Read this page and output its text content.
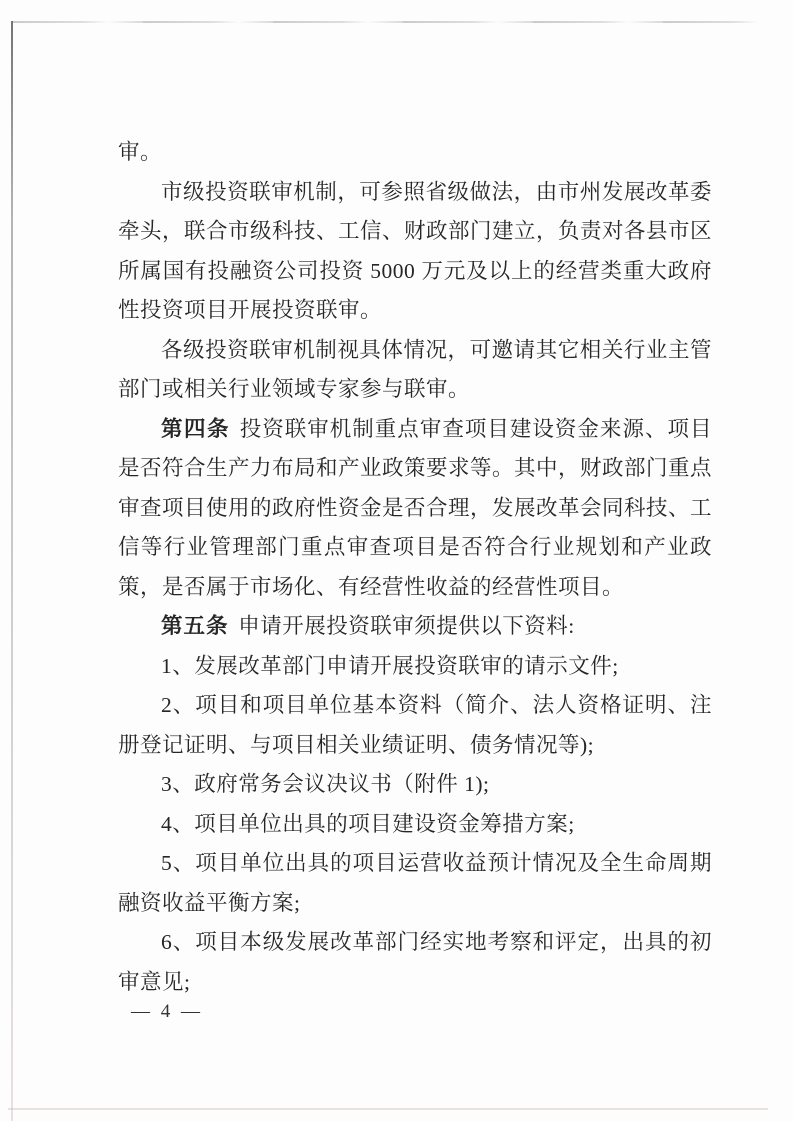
审。

市级投资联审机制，可参照省级做法，由市州发展改革委牵头，联合市级科技、工信、财政部门建立，负责对各县市区所属国有投融资公司投资 5000 万元及以上的经营类重大政府性投资项目开展投资联审。

各级投资联审机制视具体情况，可邀请其它相关行业主管部门或相关行业领域专家参与联审。

第四条 投资联审机制重点审查项目建设资金来源、项目是否符合生产力布局和产业政策要求等。其中，财政部门重点审查项目使用的政府性资金是否合理，发展改革会同科技、工信等行业管理部门重点审查项目是否符合行业规划和产业政策，是否属于市场化、有经营性收益的经营性项目。

第五条 申请开展投资联审须提供以下资料:

1、发展改革部门申请开展投资联审的请示文件;

2、项目和项目单位基本资料（简介、法人资格证明、注册登记证明、与项目相关业绩证明、债务情况等);

3、政府常务会议决议书（附件 1);

4、项目单位出具的项目建设资金筹措方案;

5、项目单位出具的项目运营收益预计情况及全生命周期融资收益平衡方案;

6、项目本级发展改革部门经实地考察和评定，出具的初审意见;

— 4 —
